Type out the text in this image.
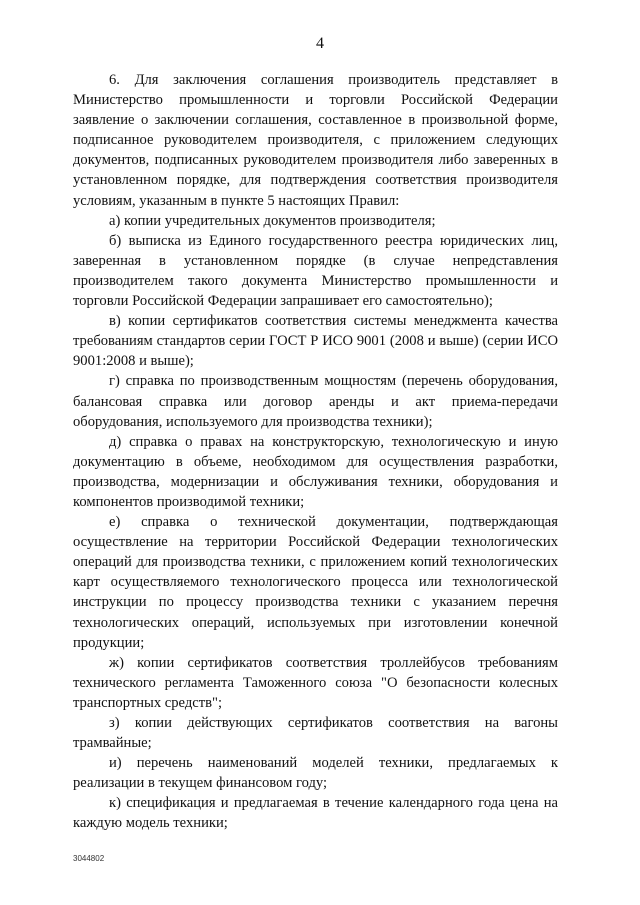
4

6. Для заключения соглашения производитель представляет в Министерство промышленности и торговли Российской Федерации заявление о заключении соглашения, составленное в произвольной форме, подписанное руководителем производителя, с приложением следующих документов, подписанных руководителем производителя либо заверенных в установленном порядке, для подтверждения соответствия производителя условиям, указанным в пункте 5 настоящих Правил:

а) копии учредительных документов производителя;

б) выписка из Единого государственного реестра юридических лиц, заверенная в установленном порядке (в случае непредставления производителем такого документа Министерство промышленности и торговли Российской Федерации запрашивает его самостоятельно);

в) копии сертификатов соответствия системы менеджмента качества требованиям стандартов серии ГОСТ Р ИСО 9001 (2008 и выше) (серии ИСО 9001:2008 и выше);

г) справка по производственным мощностям (перечень оборудования, балансовая справка или договор аренды и акт приема-передачи оборудования, используемого для производства техники);

д) справка о правах на конструкторскую, технологическую и иную документацию в объеме, необходимом для осуществления разработки, производства, модернизации и обслуживания техники, оборудования и компонентов производимой техники;

е) справка о технической документации, подтверждающая осуществление на территории Российской Федерации технологических операций для производства техники, с приложением копий технологических карт осуществляемого технологического процесса или технологической инструкции по процессу производства техники с указанием перечня технологических операций, используемых при изготовлении конечной продукции;

ж) копии сертификатов соответствия троллейбусов требованиям технического регламента Таможенного союза "О безопасности колесных транспортных средств";

з) копии действующих сертификатов соответствия на вагоны трамвайные;

и) перечень наименований моделей техники, предлагаемых к реализации в текущем финансовом году;

к) спецификация и предлагаемая в течение календарного года цена на каждую модель техники;

3044802
